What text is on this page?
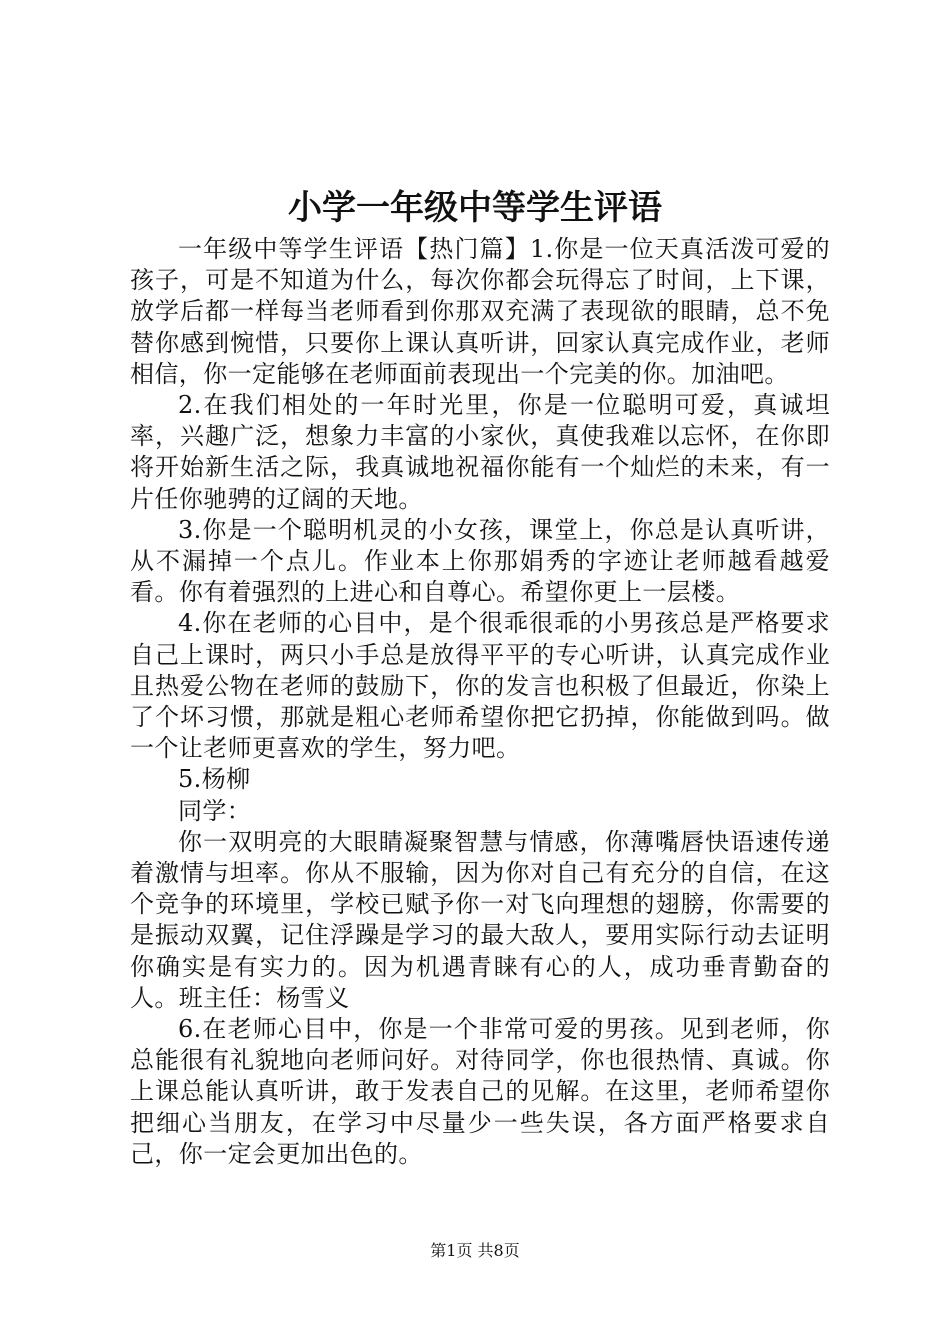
小学一年级中等学生评语

一年级中等学生评语【热门篇】1.你是一位天真活泼可爱的孩子，可是不知道为什么，每次你都会玩得忘了时间，上下课，放学后都一样每当老师看到你那双充满了表现欲的眼睛，总不免替你感到惋惜，只要你上课认真听讲，回家认真完成作业，老师相信，你一定能够在老师面前表现出一个完美的你。加油吧。

2.在我们相处的一年时光里，你是一位聪明可爱，真诚坦率，兴趣广泛，想象力丰富的小家伙，真使我难以忘怀，在你即将开始新生活之际，我真诚地祝福你能有一个灿烂的未来，有一片任你驰骋的辽阔的天地。

3.你是一个聪明机灵的小女孩，课堂上，你总是认真听讲，从不漏掉一个点儿。作业本上你那娟秀的字迹让老师越看越爱看。你有着强烈的上进心和自尊心。希望你更上一层楼。

4.你在老师的心目中，是个很乖很乖的小男孩总是严格要求自己上课时，两只小手总是放得平平的专心听讲，认真完成作业且热爱公物在老师的鼓励下，你的发言也积极了但最近，你染上了个坏习惯，那就是粗心老师希望你把它扔掉，你能做到吗。做一个让老师更喜欢的学生，努力吧。

5.杨柳

同学：

你一双明亮的大眼睛凝聚智慧与情感，你薄嘴唇快语速传递着激情与坦率。你从不服输，因为你对自己有充分的自信，在这个竞争的环境里，学校已赋予你一对飞向理想的翅膀，你需要的是振动双翼，记住浮躁是学习的最大敌人，要用实际行动去证明你确实是有实力的。因为机遇青睐有心的人，成功垂青勤奋的人。班主任：杨雪义

6.在老师心目中，你是一个非常可爱的男孩。见到老师，你总能很有礼貌地向老师问好。对待同学，你也很热情、真诚。你上课总能认真听讲，敢于发表自己的见解。在这里，老师希望你把细心当朋友，在学习中尽量少一些失误，各方面严格要求自己，你一定会更加出色的。

第1页 共8页
